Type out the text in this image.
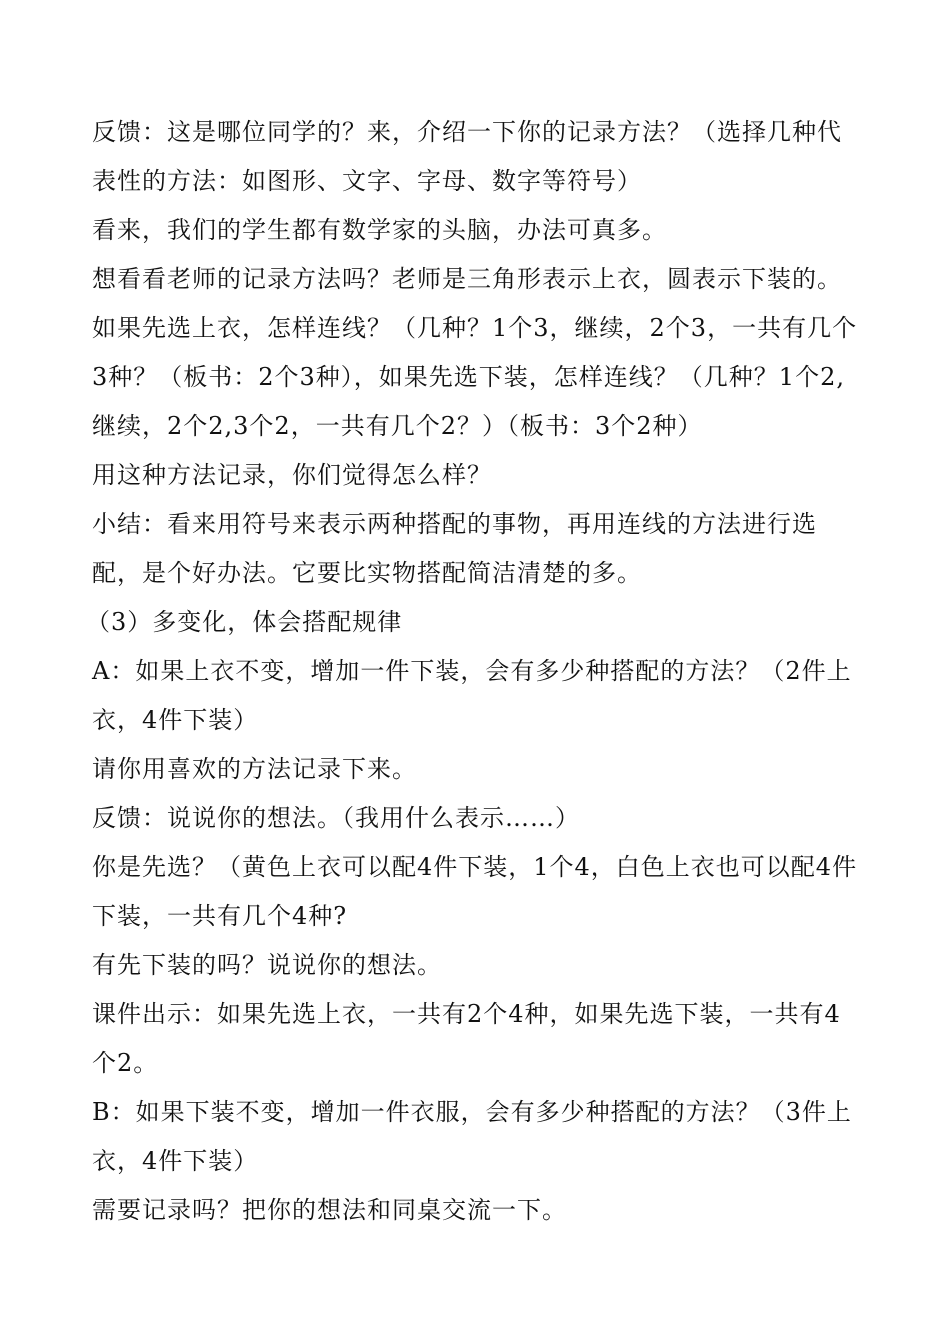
反馈：这是哪位同学的？来，介绍一下你的记录方法？（选择几种代表性的方法：如图形、文字、字母、数字等符号）

看来，我们的学生都有数学家的头脑，办法可真多。

想看看老师的记录方法吗？老师是三角形表示上衣，圆表示下装的。

如果先选上衣，怎样连线？（几种？1个3，继续，2个3，一共有几个3种？（板书：2个3种），如果先选下装，怎样连线？（几种？1个2,继续，2个2,3个2，一共有几个2？）（板书：3个2种）

用这种方法记录，你们觉得怎么样？

小结：看来用符号来表示两种搭配的事物，再用连线的方法进行选配，是个好办法。它要比实物搭配简洁清楚的多。

（3）多变化，体会搭配规律

A：如果上衣不变，增加一件下装，会有多少种搭配的方法？（2件上衣，4件下装）

请你用喜欢的方法记录下来。

反馈：说说你的想法。（我用什么表示……）

你是先选？（黄色上衣可以配4件下装，1个4，白色上衣也可以配4件下装，一共有几个4种?

有先下装的吗？说说你的想法。

课件出示：如果先选上衣，一共有2个4种，如果先选下装，一共有4个2。

B：如果下装不变，增加一件衣服，会有多少种搭配的方法？（3件上衣，4件下装）

需要记录吗？把你的想法和同桌交流一下。
